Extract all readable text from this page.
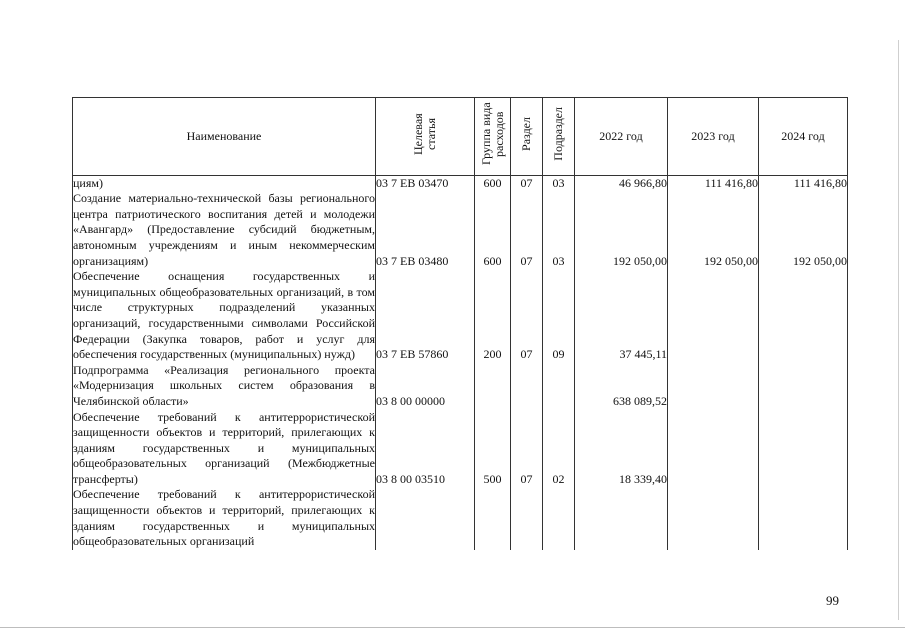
Наименование	Целевая статья	Группа вида расходов	Раздел	Подраздел	2022 год	2023 год	2024 год
циям)	03 7 EB 03470	600	07	03	46 966,80	111 416,80	111 416,80
Создание материально-технической базы регионального центра патриотического воспитания детей и молодежи «Авангард» (Предоставление субсидий бюджетным, автономным учреждениям и иным некоммерческим организациям)	03 7 EB 03480	600	07	03	192 050,00	192 050,00	192 050,00
Обеспечение оснащения государственных и муниципальных общеобразовательных организаций, в том числе структурных подразделений указанных организаций, государственными символами Российской Федерации (Закупка товаров, работ и услуг для обеспечения государственных (муниципальных) нужд)	03 7 EB 57860	200	07	09	37 445,11		
Подпрограмма «Реализация регионального проекта «Модернизация школьных систем образования в Челябинской области»	03 8 00 00000				638 089,52		
Обеспечение требований к антитеррористической защищенности объектов и территорий, прилегающих к зданиям государственных и муниципальных общеобразовательных организаций (Межбюджетные трансферты)	03 8 00 03510	500	07	02	18 339,40		
Обеспечение требований к антитеррористической защищенности объектов и территорий, прилегающих к зданиям государственных и муниципальных общеобразовательных организаций							
99
